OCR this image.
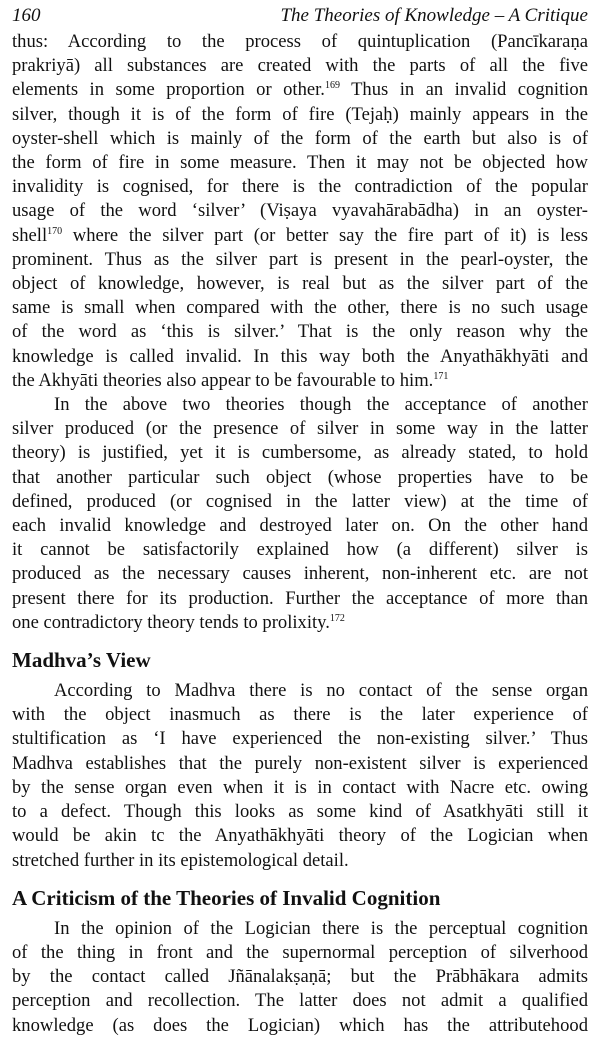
160	The Theories of Knowledge – A Critique
thus: According to the process of quintuplication (Pancīkaraṇa
prakriyā) all substances are created with the parts of all the five
elements in some proportion or other.$^{169}$ Thus in an invalid cognition
silver, though it is of the form of fire (Tejaḥ) mainly appears in the
oyster-shell which is mainly of the form of the earth but also is of
the form of fire in some measure. Then it may not be objected how
invalidity is cognised, for there is the contradiction of the popular
usage of the word ‘silver’ (Viṣaya vyavahārabādha) in an oyster-
shell$^{170}$ where the silver part (or better say the fire part of it) is less
prominent. Thus as the silver part is present in the pearl-oyster, the
object of knowledge, however, is real but as the silver part of the
same is small when compared with the other, there is no such usage
of the word as ‘this is silver.’ That is the only reason why the
knowledge is called invalid. In this way both the Anyathākhyāti and
the Akhyāti theories also appear to be favourable to him.$^{171}$
In the above two theories though the acceptance of another
silver produced (or the presence of silver in some way in the latter
theory) is justified, yet it is cumbersome, as already stated, to hold
that another particular such object (whose properties have to be
defined, produced (or cognised in the latter view) at the time of
each invalid knowledge and destroyed later on. On the other hand
it cannot be satisfactorily explained how (a different) silver is
produced as the necessary causes inherent, non-inherent etc. are not
present there for its production. Further the acceptance of more than
one contradictory theory tends to prolixity.$^{172}$
Madhva’s View
According to Madhva there is no contact of the sense organ
with the object inasmuch as there is the later experience of
stultification as ‘I have experienced the non-existing silver.’ Thus
Madhva establishes that the purely non-existent silver is experienced
by the sense organ even when it is in contact with Nacre etc. owing
to a defect. Though this looks as some kind of Asatkhyāti still it
would be akin tc the Anyathākhyāti theory of the Logician when
stretched further in its epistemological detail.
A Criticism of the Theories of Invalid Cognition
In the opinion of the Logician there is the perceptual cognition
of the thing in front and the supernormal perception of silverhood
by the contact called Jñānalakṣaṇā; but the Prābhākara admits
perception and recollection. The latter does not admit a qualified
knowledge (as does the Logician) which has the attributehood
